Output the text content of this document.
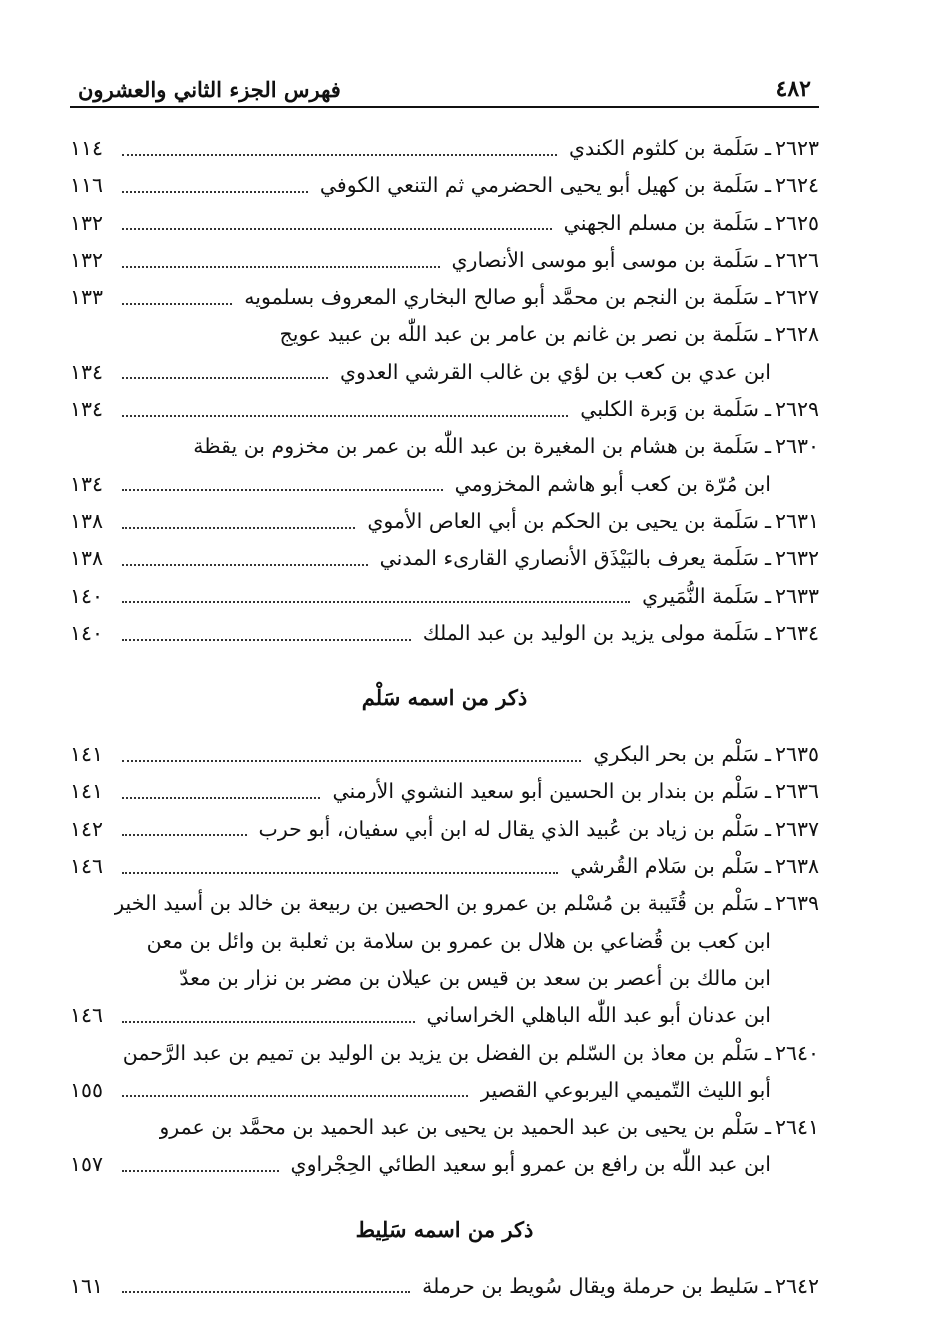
٤٨٢
فهرس الجزء الثاني والعشرون
٢٦٢٣
ـ
سَلَمة بن كلثوم الكندي
١١٤
٢٦٢٤
ـ
سَلَمة بن كهيل أبو يحيى الحضرمي ثم التنعي الكوفي
١١٦
٢٦٢٥
ـ
سَلَمة بن مسلم الجهني
١٣٢
٢٦٢٦
ـ
سَلَمة بن موسى أبو موسى الأنصاري
١٣٢
٢٦٢٧
ـ
سَلَمة بن النجم بن محمَّد أبو صالح البخاري المعروف بسلمويه
١٣٣
٢٦٢٨
ـ
سَلَمة بن نصر بن غانم بن عامر بن عبد اللّٰه بن عبيد عويج
ابن عدي بن كعب بن لؤي بن غالب القرشي العدوي
١٣٤
٢٦٢٩
ـ
سَلَمة بن وَبرة الكلبي
١٣٤
٢٦٣٠
ـ
سَلَمة بن هشام بن المغيرة بن عبد اللّٰه بن عمر بن مخزوم بن يقظة
ابن مُرّة بن كعب أبو هاشم المخزومي
١٣٤
٢٦٣١
ـ
سَلَمة بن يحيى بن الحكم بن أبي العاص الأموي
١٣٨
٢٦٣٢
ـ
سَلَمة يعرف بالبَيْذَق الأنصاري القارىء المدني
١٣٨
٢٦٣٣
ـ
سَلَمة النُّمَيري
١٤٠
٢٦٣٤
ـ
سَلَمة مولى يزيد بن الوليد بن عبد الملك
١٤٠
ذكر من اسمه سَلْم
٢٦٣٥
ـ
سَلْم بن بحر البكري
١٤١
٢٦٣٦
ـ
سَلْم بن بندار بن الحسين أبو سعيد النشوي الأرمني
١٤١
٢٦٣٧
ـ
سَلْم بن زياد بن عُبيد الذي يقال له ابن أبي سفيان، أبو حرب
١٤٢
٢٦٣٨
ـ
سَلْم بن سَلام القُرشي
١٤٦
٢٦٣٩
ـ
سَلْم بن قُتَيبة بن مُسْلم بن عمرو بن الحصين بن ربيعة بن خالد بن أسيد الخير
ابن كعب بن قُضاعي بن هلال بن عمرو بن سلامة بن ثعلبة بن وائل بن معن
ابن مالك بن أعصر بن سعد بن قيس بن عيلان بن مضر بن نزار بن معدّ
ابن عدنان أبو عبد اللّٰه الباهلي الخراساني
١٤٦
٢٦٤٠
ـ
سَلْم بن معاذ بن السّلم بن الفضل بن يزيد بن الوليد بن تميم بن عبد الرَّحمن
أبو الليث التّميمي اليربوعي القصير
١٥٥
٢٦٤١
ـ
سَلْم بن يحيى بن عبد الحميد بن يحيى بن عبد الحميد بن محمَّد بن عمرو
ابن عبد اللّٰه بن رافع بن عمرو أبو سعيد الطائي الحِجْراوي
١٥٧
ذكر من اسمه سَلِيط
٢٦٤٢
ـ
سَليط بن حرملة ويقال سُويط بن حرملة
١٦١
